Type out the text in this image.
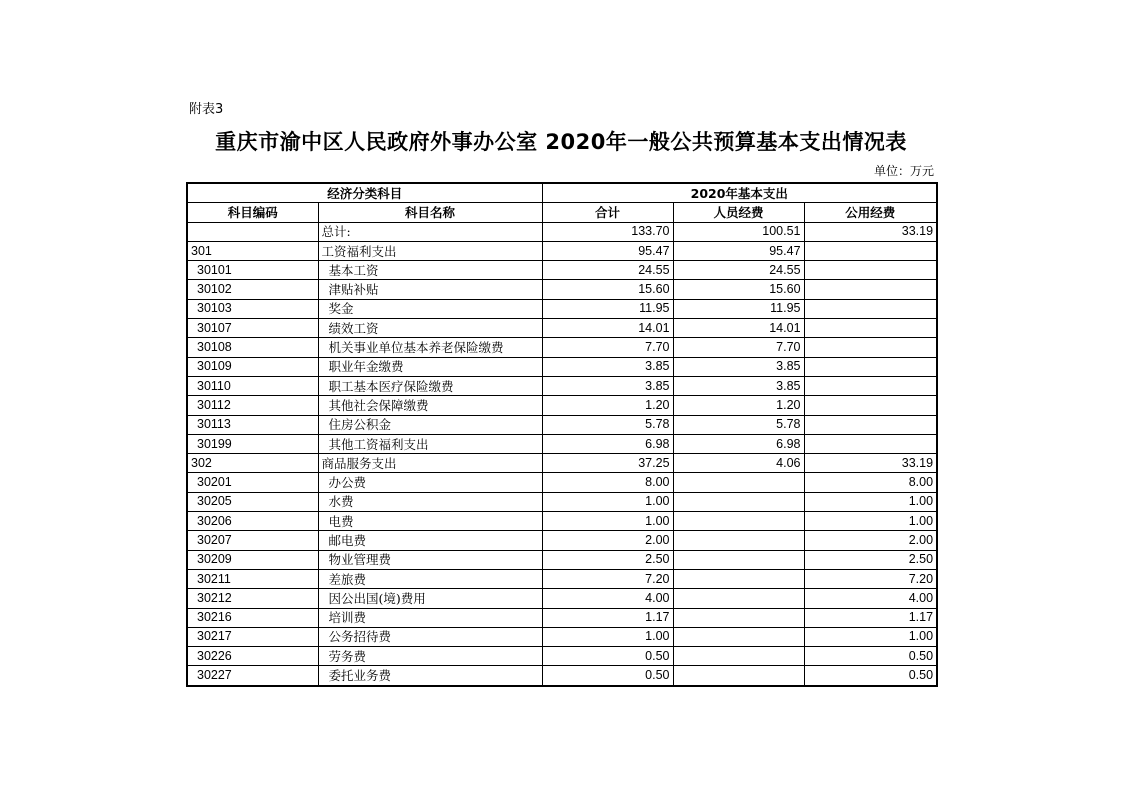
附表3
重庆市渝中区人民政府外事办公室 2020年一般公共预算基本支出情况表
单位：万元
经济分类科目		2020年基本支出		
科目编码	科目名称	合计	人员经费	公用经费
	总计:	133.70	100.51	33.19
301	工资福利支出	95.47	95.47	
30101	基本工资	24.55	24.55	
30102	津贴补贴	15.60	15.60	
30103	奖金	11.95	11.95	
30107	绩效工资	14.01	14.01	
30108	机关事业单位基本养老保险缴费	7.70	7.70	
30109	职业年金缴费	3.85	3.85	
30110	职工基本医疗保险缴费	3.85	3.85	
30112	其他社会保障缴费	1.20	1.20	
30113	住房公积金	5.78	5.78	
30199	其他工资福利支出	6.98	6.98	
302	商品服务支出	37.25	4.06	33.19
30201	办公费	8.00		8.00
30205	水费	1.00		1.00
30206	电费	1.00		1.00
30207	邮电费	2.00		2.00
30209	物业管理费	2.50		2.50
30211	差旅费	7.20		7.20
30212	因公出国(境)费用	4.00		4.00
30216	培训费	1.17		1.17
30217	公务招待费	1.00		1.00
30226	劳务费	0.50		0.50
30227	委托业务费	0.50		0.50
